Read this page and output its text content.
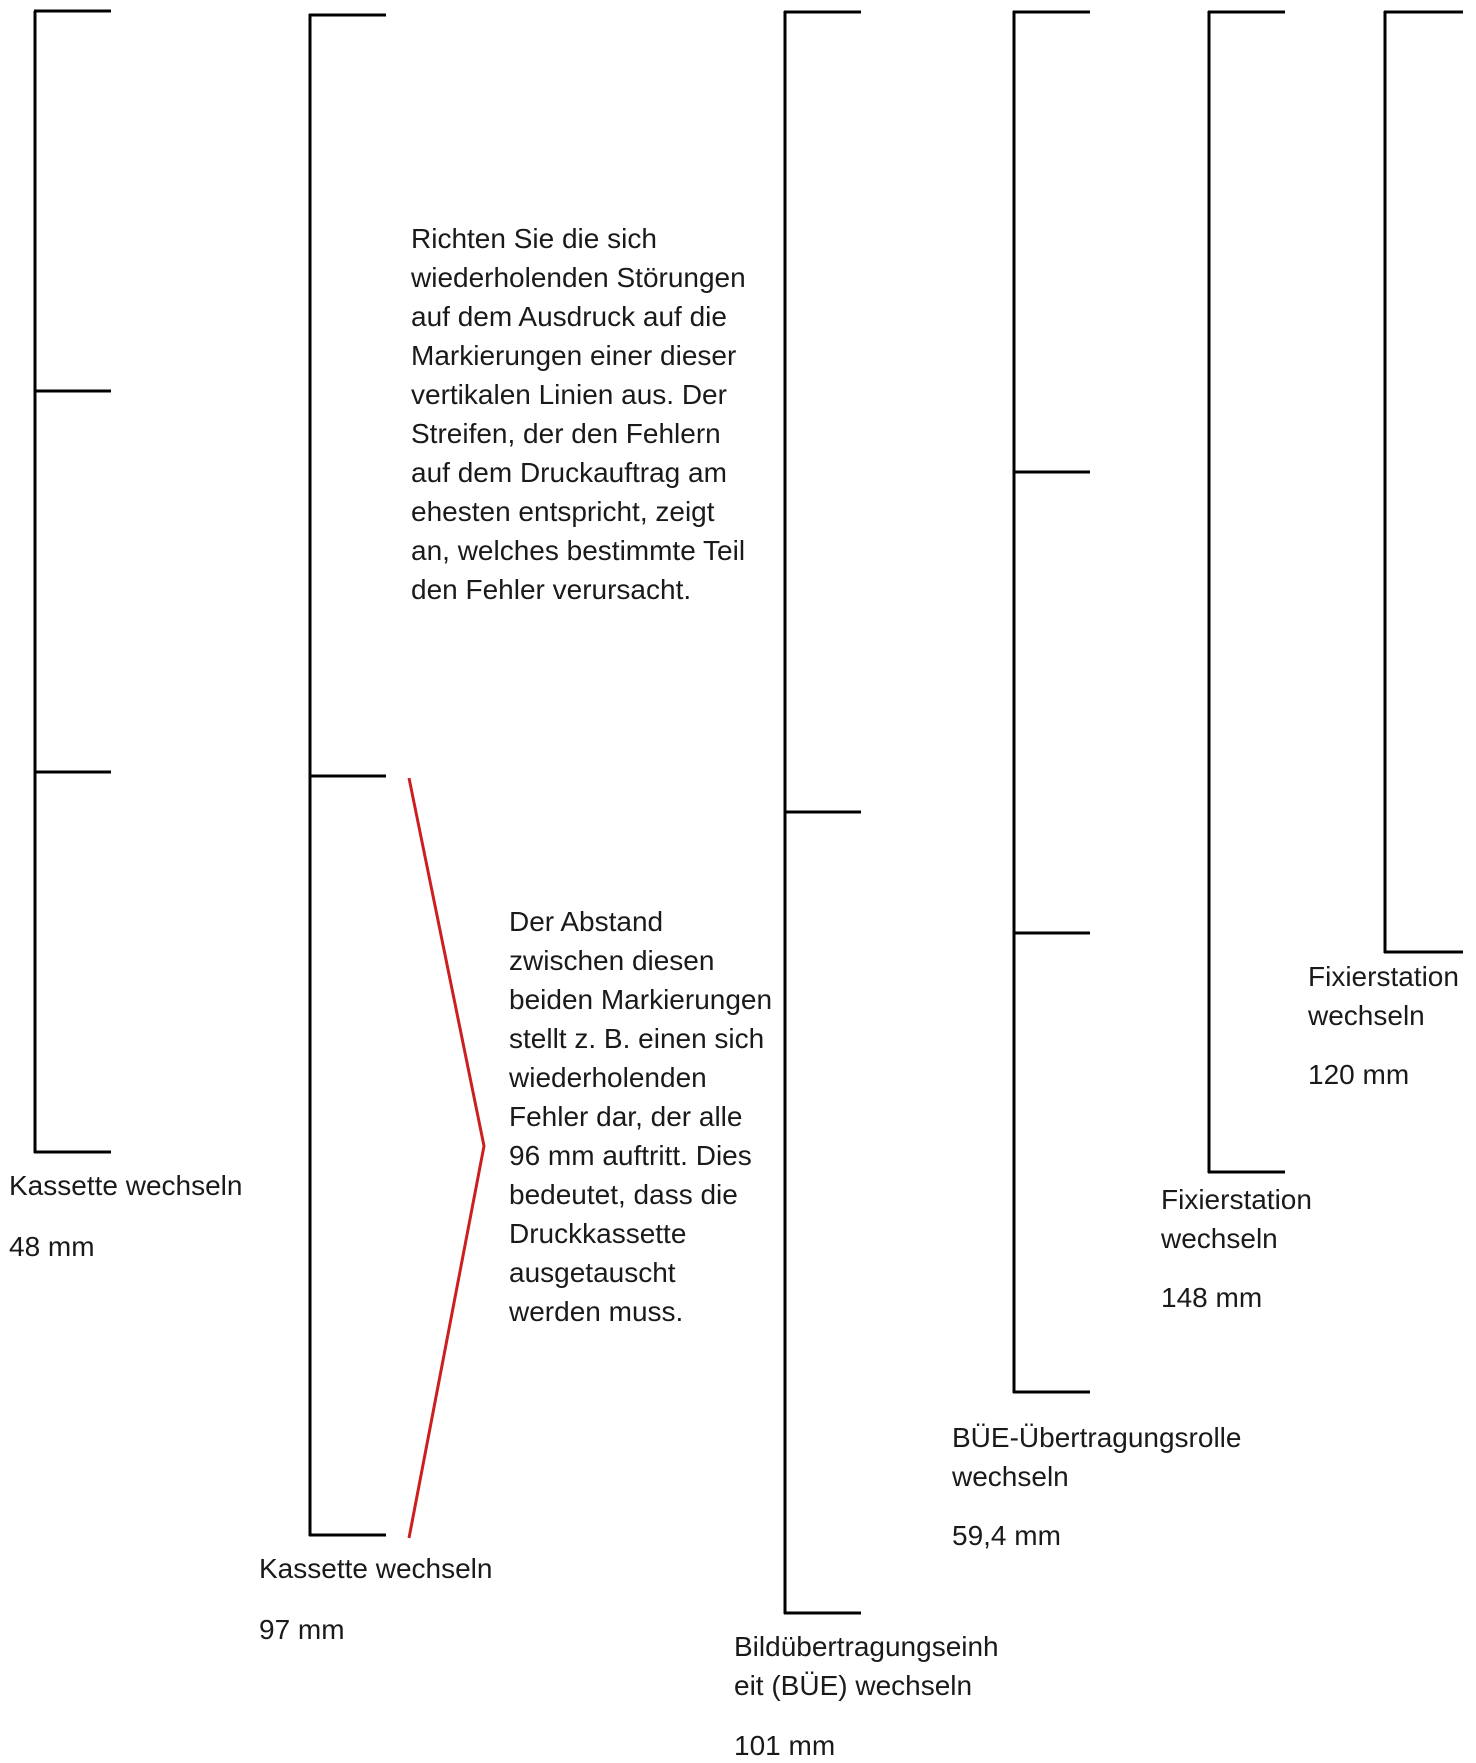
Richten Sie die sich wiederholenden Störungen auf dem Ausdruck auf die Markierungen einer dieser vertikalen Linien aus. Der Streifen, der den Fehlern auf dem Druckauftrag am ehesten entspricht, zeigt an, welches bestimmte Teil den Fehler verursacht.

Der Abstand zwischen diesen beiden Markierungen stellt z. B. einen sich wiederholenden Fehler dar, der alle 96 mm auftritt. Dies bedeutet, dass die Druckkassette ausgetauscht werden muss.

Kassette wechseln

48 mm

Kassette wechseln

97 mm

Bildübertragungseinh
eit (BÜE) wechseln

101 mm

BÜE-Übertragungsrolle
wechseln

59,4 mm

Fixierstation
wechseln

148 mm

Fixierstation
wechseln

120 mm
